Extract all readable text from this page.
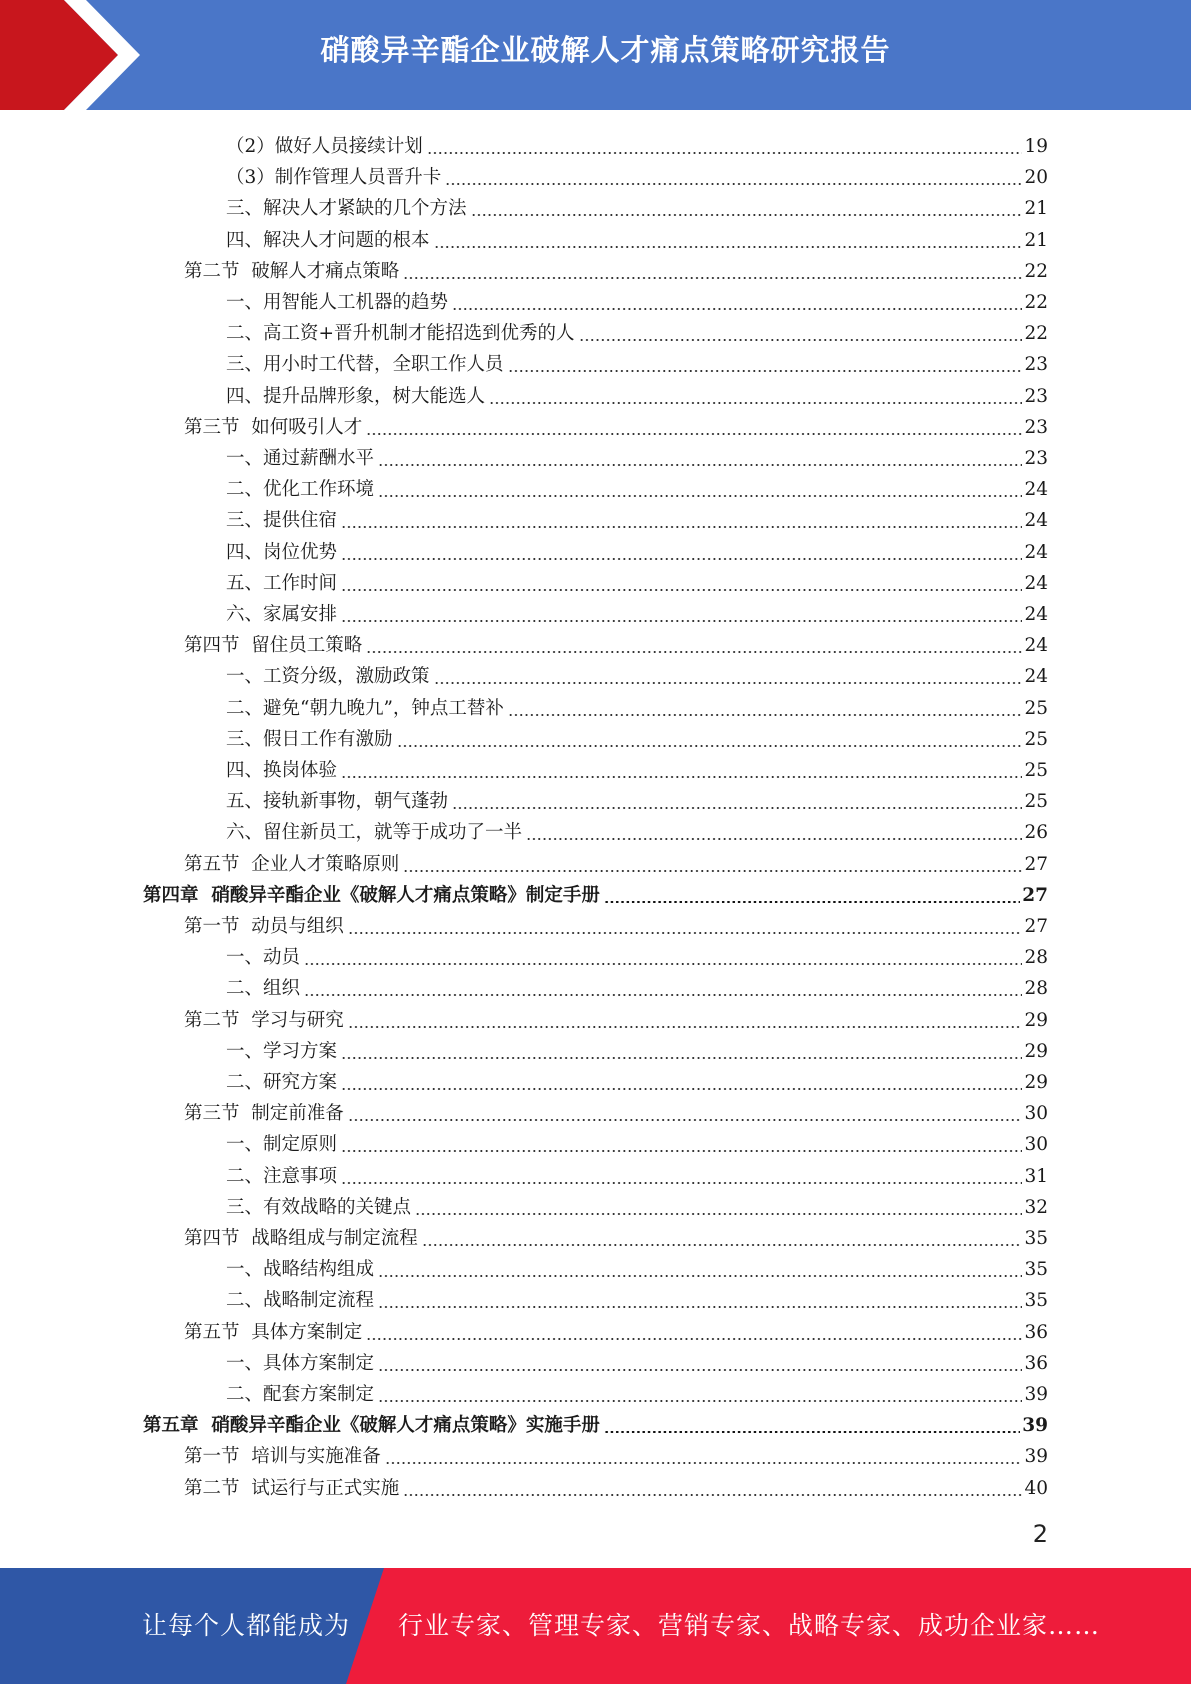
硝酸异辛酯企业破解人才痛点策略研究报告
（2）做好人员接续计划	19
（3）制作管理人员晋升卡	20
三、解决人才紧缺的几个方法	21
四、解决人才问题的根本	21
第二节  破解人才痛点策略	22
一、用智能人工机器的趋势	22
二、高工资+晋升机制才能招选到优秀的人	22
三、用小时工代替，全职工作人员	23
四、提升品牌形象，树大能选人	23
第三节  如何吸引人才	23
一、通过薪酬水平	23
二、优化工作环境	24
三、提供住宿	24
四、岗位优势	24
五、工作时间	24
六、家属安排	24
第四节  留住员工策略	24
一、工资分级，激励政策	24
二、避免“朝九晚九”，钟点工替补	25
三、假日工作有激励	25
四、换岗体验	25
五、接轨新事物，朝气蓬勃	25
六、留住新员工，就等于成功了一半	26
第五节  企业人才策略原则	27
第四章  硝酸异辛酯企业《破解人才痛点策略》制定手册	27
第一节  动员与组织	27
一、动员	28
二、组织	28
第二节  学习与研究	29
一、学习方案	29
二、研究方案	29
第三节  制定前准备	30
一、制定原则	30
二、注意事项	31
三、有效战略的关键点	32
第四节  战略组成与制定流程	35
一、战略结构组成	35
二、战略制定流程	35
第五节  具体方案制定	36
一、具体方案制定	36
二、配套方案制定	39
第五章  硝酸异辛酯企业《破解人才痛点策略》实施手册	39
第一节  培训与实施准备	39
第二节  试运行与正式实施	40
2
让每个人都能成为 行业专家、管理专家、营销专家、战略专家、成功企业家……
